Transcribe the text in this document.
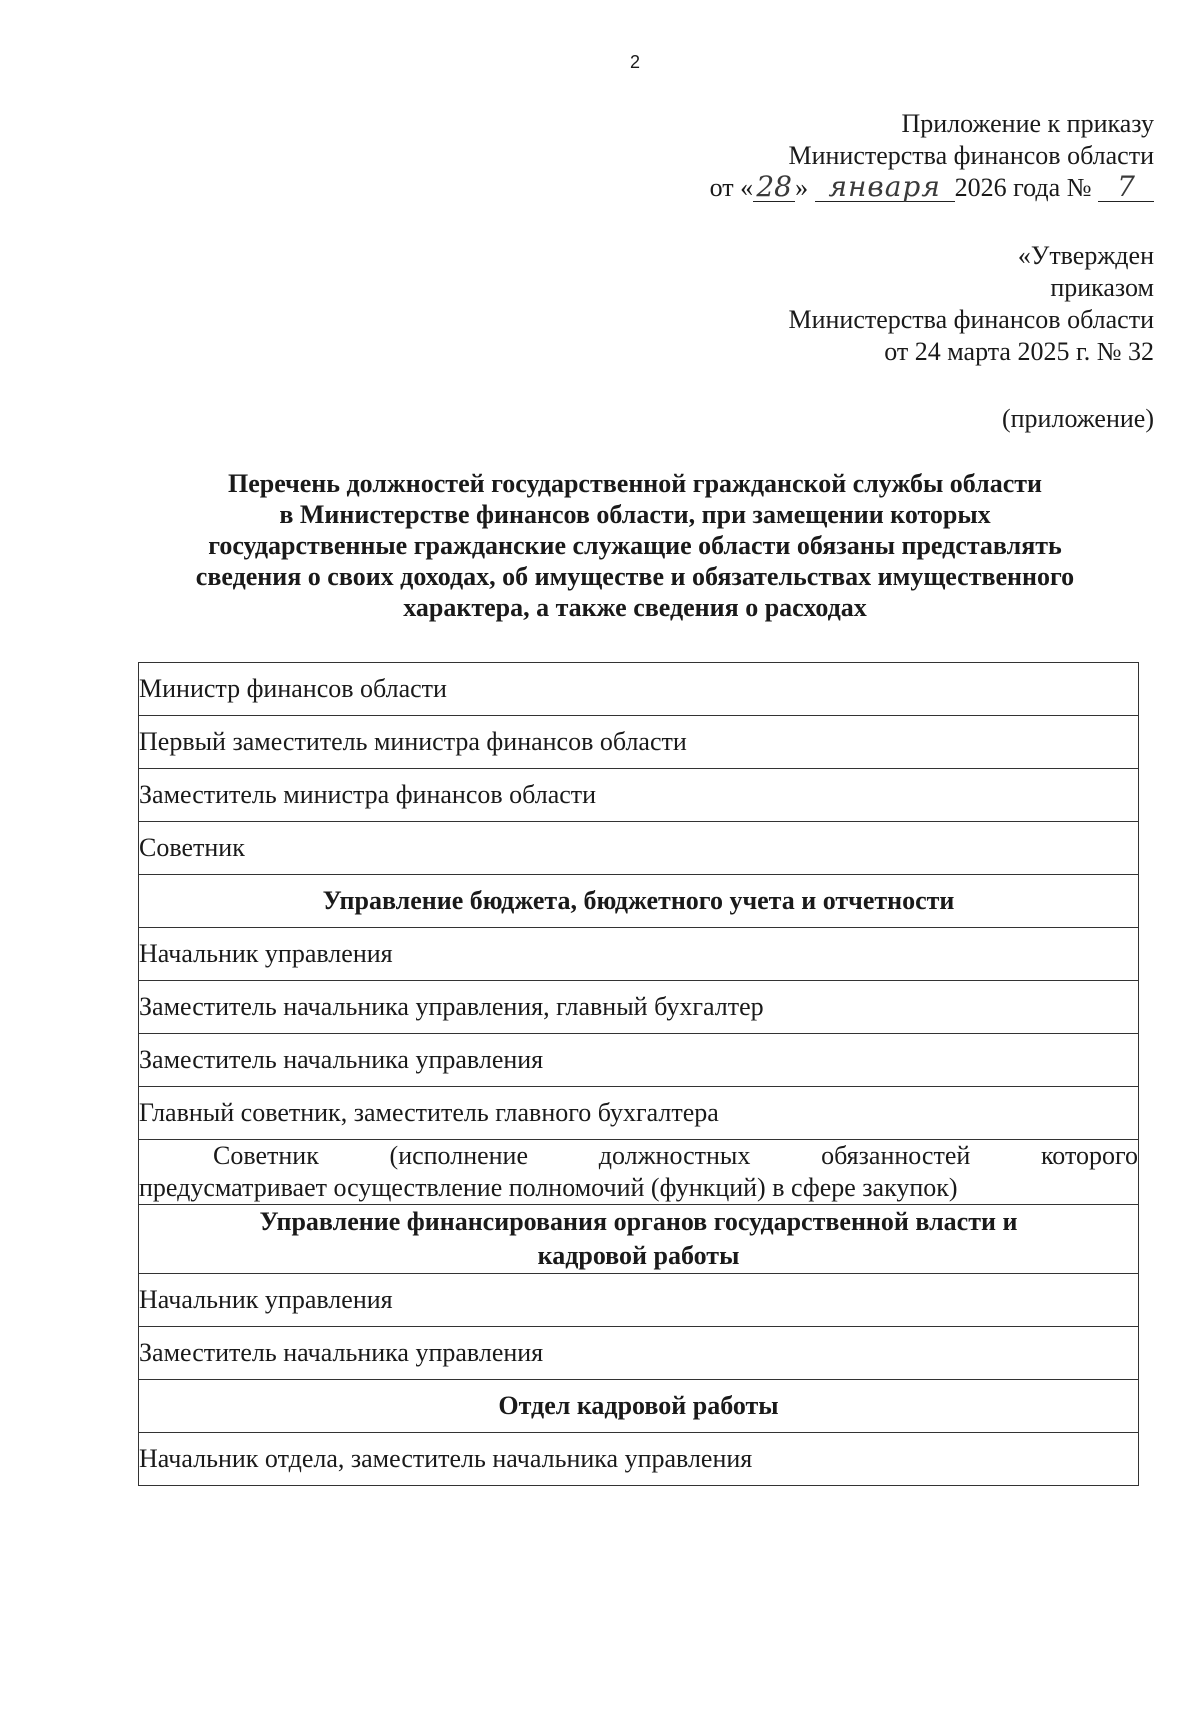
2
Приложение к приказу
Министерства финансов области
от « 28 » января 2026 года № 7
«Утвержден
приказом
Министерства финансов области
от 24 марта 2025 г. № 32
(приложение)
Перечень должностей государственной гражданской службы области
в Министерстве финансов области, при замещении которых
государственные гражданские служащие области обязаны представлять
сведения о своих доходах, об имуществе и обязательствах имущественного
характера, а также сведения о расходах
Министр финансов области
Первый заместитель министра финансов области
Заместитель министра финансов области
Советник
Управление бюджета, бюджетного учета и отчетности
Начальник управления
Заместитель начальника управления, главный бухгалтер
Заместитель начальника управления
Главный советник, заместитель главного бухгалтера

Советник	(исполнение	должностных	обязанностей	которого
предусматривает осуществление полномочий (функций) в сфере закупок)

Управление финансирования органов государственной власти и
кадровой работы

Начальник управления
Заместитель начальника управления
Отдел кадровой работы
Начальник отдела, заместитель начальника управления
